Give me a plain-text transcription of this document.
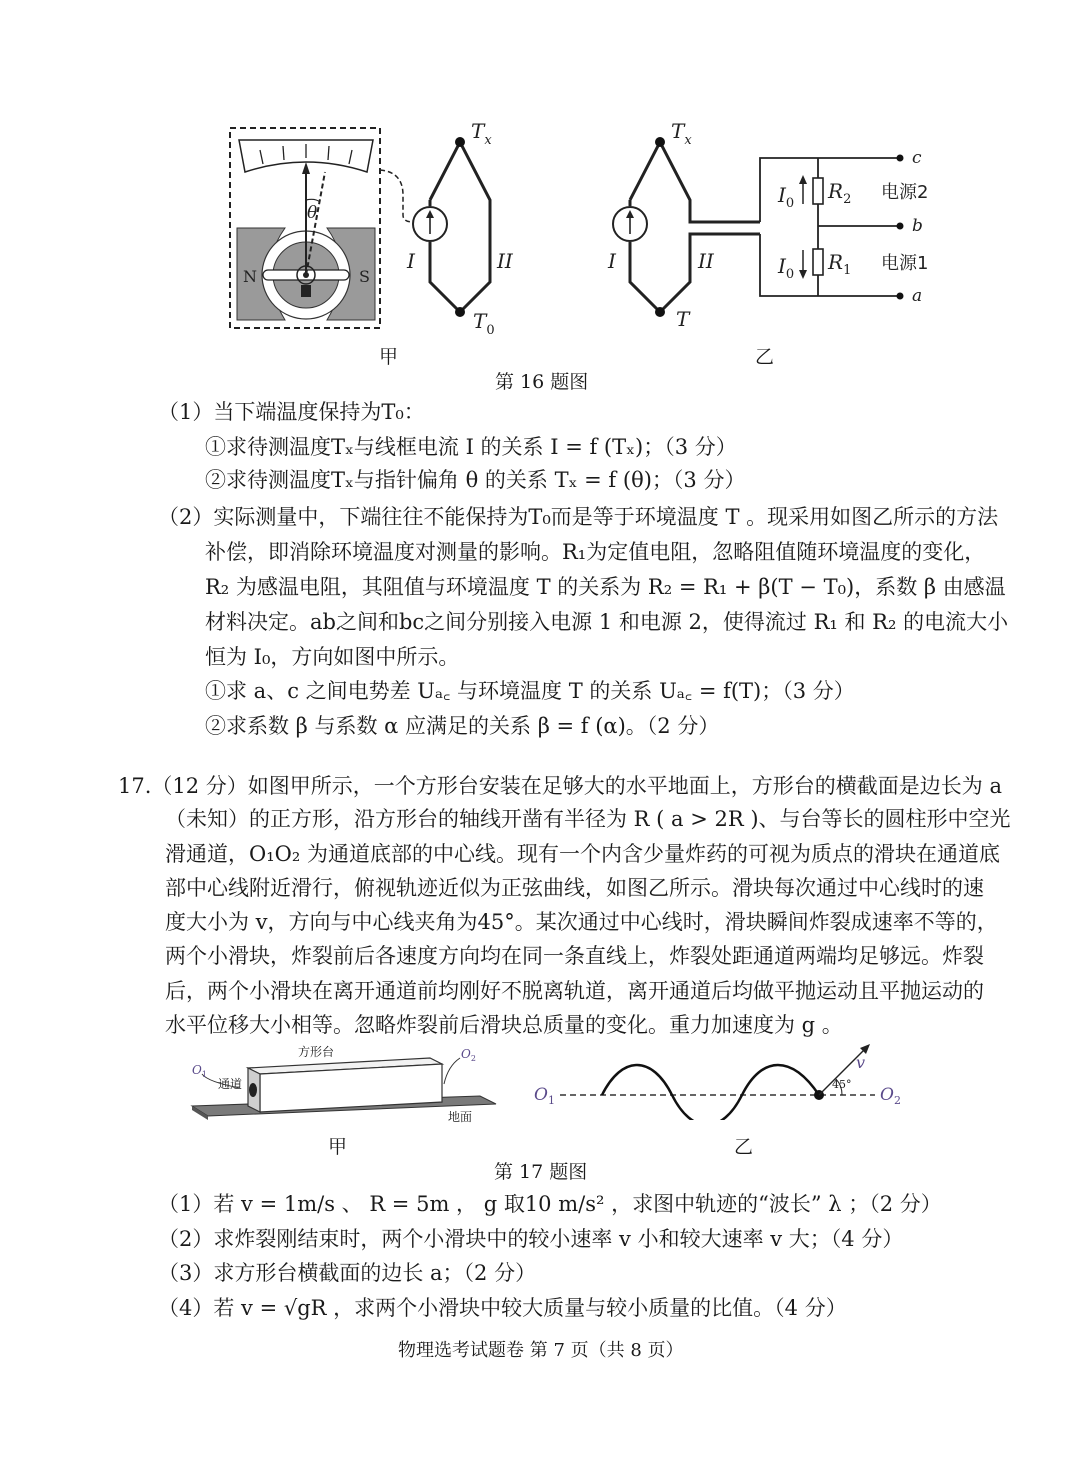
N	S
θ
$T_x$
$T_0$
I	II
甲
$T_x$
T
I	II
$I_0$
$I_0$
$R_2$
$R_1$
电源2
电源1
c
b
a
乙
第 16 题图
（1）当下端温度保持为T₀：
①求待测温度Tₓ与线框电流 I 的关系 I = f (Tₓ)；（3 分）
②求待测温度Tₓ与指针偏角 θ 的关系 Tₓ = f (θ)；（3 分）
（2）实际测量中，下端往往不能保持为T₀而是等于环境温度 T 。现采用如图乙所示的方法
补偿，即消除环境温度对测量的影响。R₁为定值电阻，忽略阻值随环境温度的变化，
R₂ 为感温电阻，其阻值与环境温度 T 的关系为 R₂ = R₁ + β(T − T₀)，系数 β 由感温
材料决定。ab之间和bc之间分别接入电源 1 和电源 2，使得流过 R₁ 和 R₂ 的电流大小
恒为 I₀，方向如图中所示。
①求 a、c 之间电势差 Uₐ꜀ 与环境温度 T 的关系 Uₐ꜀ = f(T)；（3 分）
②求系数 β 与系数 α 应满足的关系 β = f (α)。（2 分）
17.（12 分）如图甲所示，一个方形台安装在足够大的水平地面上，方形台的横截面是边长为 a
（未知）的正方形，沿方形台的轴线开凿有半径为 R ( a > 2R )、与台等长的圆柱形中空光
滑通道，O₁O₂ 为通道底部的中心线。现有一个内含少量炸药的可视为质点的滑块在通道底
部中心线附近滑行，俯视轨迹近似为正弦曲线，如图乙所示。滑块每次通过中心线时的速
度大小为 v，方向与中心线夹角为45°。某次通过中心线时，滑块瞬间炸裂成速率不等的，
两个小滑块，炸裂前后各速度方向均在同一条直线上，炸裂处距通道两端均足够远。炸裂
后，两个小滑块在离开通道前均刚好不脱离轨道，离开通道后均做平抛运动且平抛运动的
水平位移大小相等。忽略炸裂前后滑块总质量的变化。重力加速度为 g 。
方形台
通道
地面
$O_1$
$O_2$
甲
v
45°
$O_1$	$O_2$
乙
第 17 题图
（1）若 v = 1m/s 、 R = 5m ， g 取10 m/s² ，求图中轨迹的“波长” λ ；（2 分）
（2）求炸裂刚结束时，两个小滑块中的较小速率 v 小和较大速率 v 大；（4 分）
（3）求方形台横截面的边长 a；（2 分）
（4）若 v = √gR ，求两个小滑块中较大质量与较小质量的比值。（4 分）
物理选考试题卷 第 7 页（共 8 页）
